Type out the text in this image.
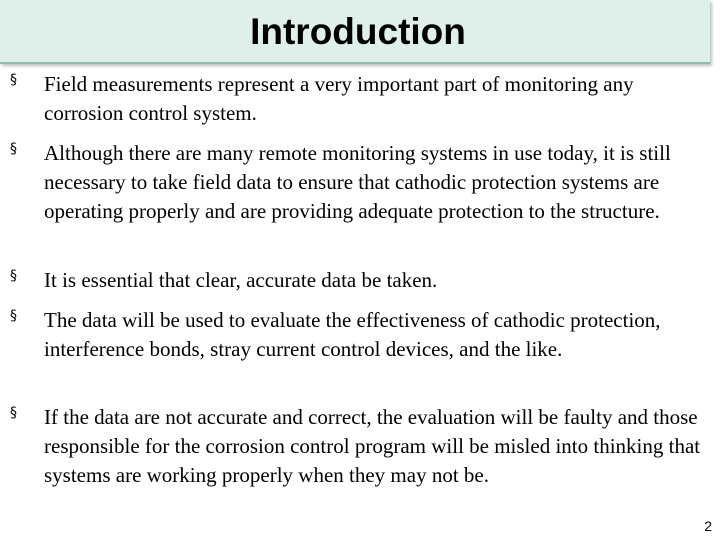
Introduction
§ Field measurements represent a very important part of monitoring any corrosion control system.

§ Although there are many remote monitoring systems in use today, it is still necessary to take field data to ensure that cathodic protection systems are operating properly and are providing adequate protection to the structure.

§ It is essential that clear, accurate data be taken.

§ The data will be used to evaluate the effectiveness of cathodic protection, interference bonds, stray current control devices, and the like.

§ If the data are not accurate and correct, the evaluation will be faulty and those responsible for the corrosion control program will be misled into thinking that systems are working properly when they may not be.

2
